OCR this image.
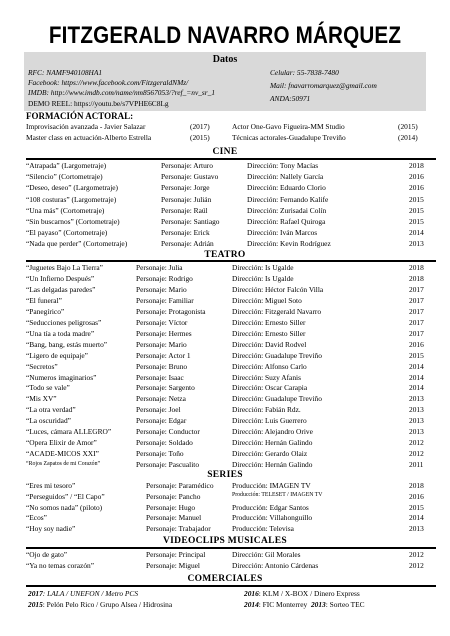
FITZGERALD NAVARRO MÁRQUEZ
Datos
RFC: NAMF940108HA1
Facebook: https://www.facebook.com/FitzgeraldNMz/
IMDB: http://www.imdb.com/name/nm8567053/?ref_=nv_sr_1
DEMO REEL: https://youtu.be/s7VPHE6C8Lg
Celular: 55-7838-7480
Mail: fnavarromarquez@gmail.com
ANDA:50971
FORMACIÓN ACTORAL:
Improvisación avanzada - Javier Salazar	(2017)	Actor One-Gavo Figueira-MM Studio	(2015)
Master class en actuación-Alberto Estrella	(2015)	Técnicas actorales-Guadalupe Treviño	(2014)
CINE
“Atrapada” (Largometraje)	Personaje: Arturo	Dirección: Tony Macías	2018
“Silencio” (Cortometraje)	Personaje: Gustavo	Dirección: Nallely García	2016
“Deseo, deseo” (Largometraje)	Personaje: Jorge	Dirección: Eduardo Clorio	2016
“108 costuras” (Largometraje)	Personaje: Julián	Dirección: Fernando Kalife	2015
“Una más” (Cortometraje)	Personaje: Raúl	Dirección: Zurisadai Colín	2015
“Sin buscarnos” (Cortometraje)	Personaje: Santiago	Dirección: Rafael Quiroga	2015
“El payaso” (Cortometraje)	Personaje: Erick	Dirección: Iván Marcos	2014
“Nada que perder” (Cortometraje)	Personaje: Adrián	Dirección: Kevin Rodríguez	2013
TEATRO
“Juguetes Bajo La Tierra”	Personaje: Julia	Dirección: Is Ugalde	2018
“Un Infierno Después”	Personaje: Rodrigo	Dirección: Is Ugalde	2018
“Las delgadas paredes”	Personaje: Mario	Dirección: Héctor Falcón Villa	2017
“El funeral”	Personaje: Familiar	Dirección: Miguel Soto	2017
“Panegírico”	Personaje: Protagonista	Dirección: Fitzgerald Navarro	2017
“Seducciones peligrosas”	Personaje: Víctor	Dirección: Ernesto Siller	2017
“Una tía a toda madre”	Personaje: Hermes	Dirección: Ernesto Siller	2017
“Bang, bang, estás muerto”	Personaje: Mario	Dirección: David Rodvel	2016
“Ligero de equipaje”	Personaje: Actor 1	Dirección: Guadalupe Treviño	2015
“Secretos”	Personaje: Bruno	Dirección: Alfonso Carlo	2014
“Numeros imaginarios”	Personaje: Isaac	Dirección: Suzy Afanis	2014
“Todo se vale”	Personaje: Sargento	Dirección: Oscar Carapia	2014
“Mis XV”	Personaje: Netza	Dirección: Guadalupe Treviño	2013
“La otra verdad”	Personaje: Joel	Dirección: Fabián Rdz.	2013
“La oscuridad”	Personaje: Edgar	Dirección: Luis Guerrero	2013
“Luces, cámara ALLEGRO”	Personaje: Conductor	Dirección: Alejandro Orive	2013
“Opera Elixir de Amor”	Personaje: Soldado	Dirección: Hernán Galindo	2012
“ACADE-MICOS XXI”	Personaje: Toño	Dirección: Gerardo Olaiz	2012
“Rojos Zapatos de mi Corazón”	Personaje: Pascualito	Dirección: Hernán Galindo	2011
SERIES
“Eres mi tesoro”	Personaje: Paramédico Producción: IMAGEN TV	2018
“Perseguidos” / “El Capo”	Personaje: Pancho	Producción: TELESET / IMAGEN TV	2016
“No somos nada” (piloto)	Personaje: Hugo	Producción: Edgar Santos	2015
“Ecos”	Personaje: Manuel	Producción: Villahonguillo	2014
“Hoy soy nadie”	Personaje: Trabajador	Producción: Televisa	2013
VIDEOCLIPS MUSICALES
“Ojo de gato”	Personaje: Principal	Dirección: Gil Morales	2012
“Ya no temas corazón”	Personaje: Miguel	Dirección: Antonio Cárdenas	2012
COMERCIALES
2017: LALA / UNEFON / Metro PCS	2016: KLM / X-BOX / Dinero Express
2015: Pelón Pelo Rico / Grupo Alsea / Hidrosina	2014: FIC Monterrey 2013: Sorteo TEC
